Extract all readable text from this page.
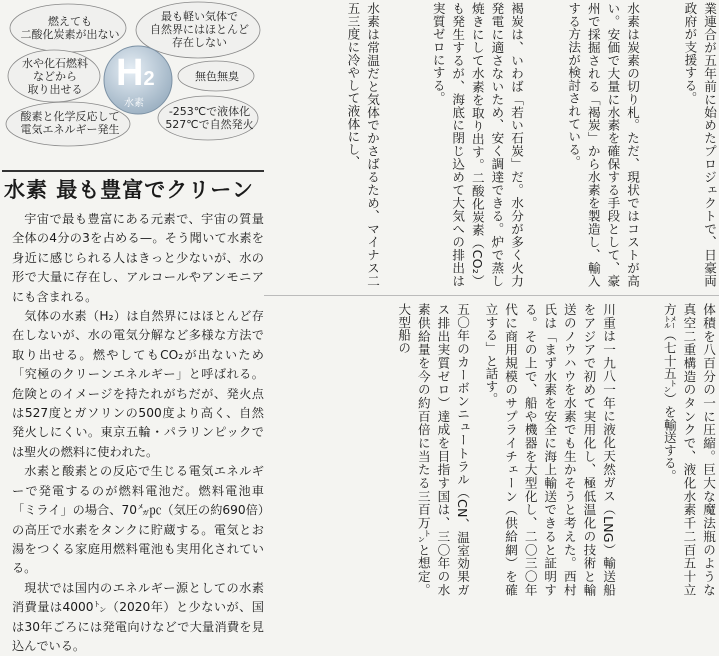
燃えても
二酸化炭素が出ない
最も軽い気体で
自然界にはほとんど
存在しない
水や化石燃料
などから
取り出せる
無色無臭
酸素と化学反応して
電気エネルギー発生
-253℃で液体化
527℃で自然発火
H2
水素
水素 最も豊富でクリーン

宇宙で最も豊富にある元素で、宇宙の質量全体の4分の3を占める⁠—。そう聞いて水素を身近に感じられる人はきっと少ないが、水の形で大量に存在し、アルコールやアンモニアにも含まれる。

気体の水素（H₂）は自然界にはほとんど存在しないが、水の電気分解など多様な方法で取り出せる。燃やしてもCO₂が出ないため「究極のクリーンエネルギー」と呼ばれる。危険とのイメージを持たれがちだが、発火点は527度とガソリンの500度より高く、自然発火しにくい。東京五輪・パラリンピックでは聖火の燃料に使われた。

水素と酸素との反応で生じる電気エネルギーで発電するのが燃料電池だ。燃料電池車「ミライ」の場合、70㍋㍶（気圧の約690倍）の高圧で水素をタンクに貯蔵する。電気とお湯をつくる家庭用燃料電池も実用化されている。

現状では国内のエネルギー源としての水素消費量は4000㌧（2020年）と少ないが、国は30年ごろには発電向けなどで大量消費を見込んでいる。

業連合が五年前に始めたプロジェクトで、日豪両政府が支援する。
水素は炭素の切り札。ただ、現状ではコストが高い。安価で大量に水素を確保する手段として、豪州で採掘される「褐炭」から水素を製造し、輸入する方法が検討されている。
褐炭は、いわば「若い石炭」だ。水分が多く火力発電に適さないため、安く調達できる。炉で蒸し焼きにして水素を取り出す。二酸化炭素（CO₂）も発生するが、海底に閉じ込めて大気への排出は実質ゼロにする。
水素は常温だと気体でかさばるため、マイナス二五三度に冷やして液体にし、
体積を八百分の一に圧縮。巨大な魔法瓶のような真空二重構造のタンクで、液化水素千二百五十立方㍍（七十五㌧）を輸送する。
川重は一九八一年に液化天然ガス（LNG）輸送船をアジアで初めて実用化し、極低温化の技術と輸送のノウハウを水素でも生かそうと考えた。西村氏は「まず水素を安全に海上輸送できると証明する。その上で、船や機器を大型化し、二〇三〇年代に商用規模のサプライチェーン（供給網）を確立する」と話す。
五〇年のカーボンニュートラル（CN、温室効果ガス排出実質ゼロ）達成を目指す国は、三〇年の水素供給量を今の約百倍に当たる三百万㌧と想定。大型船の
